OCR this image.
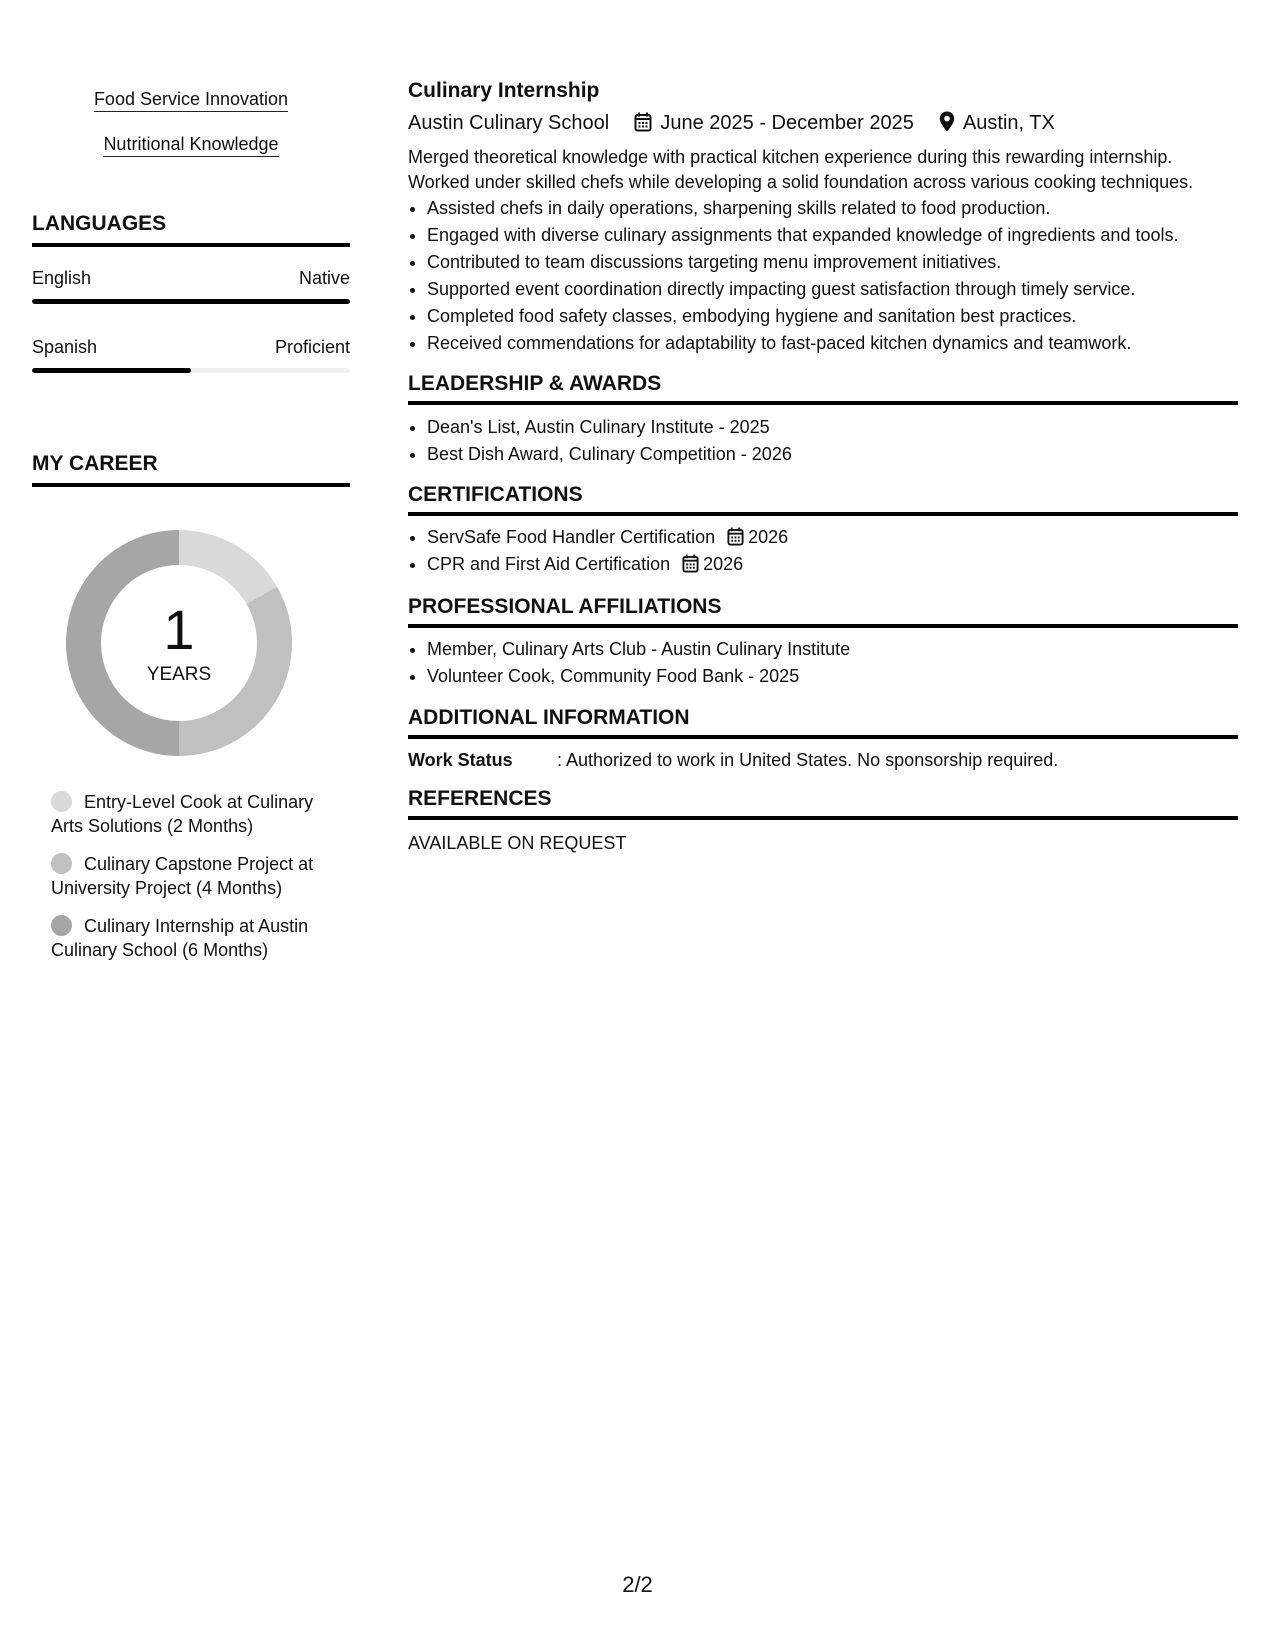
Food Service Innovation
Nutritional Knowledge
LANGUAGES
English	Native
Spanish	Proficient
MY CAREER
1
YEARS
Entry-Level Cook at Culinary Arts Solutions (2 Months)
Culinary Capstone Project at University Project (4 Months)
Culinary Internship at Austin Culinary School (6 Months)
Culinary Internship
Austin Culinary School	June 2025 - December 2025 Austin, TX
Merged theoretical knowledge with practical kitchen experience during this rewarding internship. Worked under skilled chefs while developing a solid foundation across various cooking techniques.
• Assisted chefs in daily operations, sharpening skills related to food production.
• Engaged with diverse culinary assignments that expanded knowledge of ingredients and tools.
• Contributed to team discussions targeting menu improvement initiatives.
• Supported event coordination directly impacting guest satisfaction through timely service.
• Completed food safety classes, embodying hygiene and sanitation best practices.
• Received commendations for adaptability to fast-paced kitchen dynamics and teamwork.
LEADERSHIP & AWARDS
• Dean's List, Austin Culinary Institute - 2025
• Best Dish Award, Culinary Competition - 2026
CERTIFICATIONS
• ServSafe Food Handler Certification 2026
• CPR and First Aid Certification 2026
PROFESSIONAL AFFILIATIONS
• Member, Culinary Arts Club - Austin Culinary Institute
• Volunteer Cook, Community Food Bank - 2025
ADDITIONAL INFORMATION
Work Status : Authorized to work in United States. No sponsorship required.
REFERENCES
AVAILABLE ON REQUEST
2/2
